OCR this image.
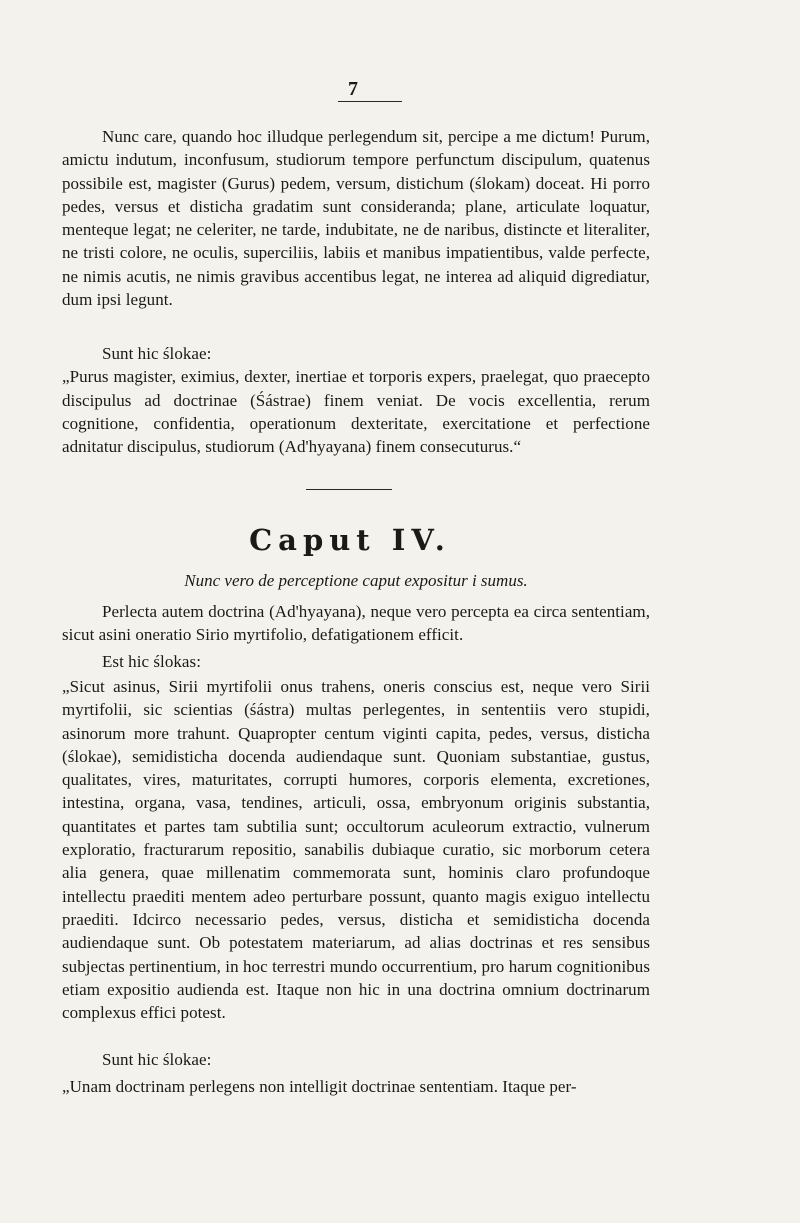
7

Nunc care, quando hoc illudque perlegendum sit, percipe a me dictum! Purum, amictu indutum, inconfusum, studiorum tempore perfunctum discipulum, quatenus possibile est, magister (Gurus) pedem, versum, distichum (ślokam) doceat. Hi porro pedes, versus et disticha gradatim sunt consideranda; plane, articulate loquatur, menteque legat; ne celeriter, ne tarde, indubitate, ne de naribus, distincte et literaliter, ne tristi colore, ne oculis, superciliis, labiis et manibus impatientibus, valde perfecte, ne nimis acutis, ne nimis gravibus accentibus legat, ne interea ad aliquid digrediatur, dum ipsi legunt.

Sunt hic ślokae:

„Purus magister, eximius, dexter, inertiae et torporis expers, praelegat, quo praecepto discipulus ad doctrinae (Śástrae) finem veniat. De vocis excellentia, rerum cognitione, confidentia, operationum dexteritate, exercitatione et perfectione adnitatur discipulus, studiorum (Ad'hyayana) finem consecuturus.“

Caput IV.
Nunc vero de perceptione caput expositur i sumus.

Perlecta autem doctrina (Ad'hyayana), neque vero percepta ea circa sententiam, sicut asini oneratio Sirio myrtifolio, defatigationem efficit.

Est hic ślokas:

„Sicut asinus, Sirii myrtifolii onus trahens, oneris conscius est, neque vero Sirii myrtifolii, sic scientias (śástra) multas perlegentes, in sententiis vero stupidi, asinorum more trahunt. Quapropter centum viginti capita, pedes, versus, disticha (ślokae), semidisticha docenda audiendaque sunt. Quoniam substantiae, gustus, qualitates, vires, maturitates, corrupti humores, corporis elementa, excretiones, intestina, organa, vasa, tendines, articuli, ossa, embryonum originis substantia, quantitates et partes tam subtilia sunt; occultorum aculeorum extractio, vulnerum exploratio, fracturarum repositio, sanabilis dubiaque curatio, sic morborum cetera alia genera, quae millenatim commemorata sunt, hominis claro profundoque intellectu praediti mentem adeo perturbare possunt, quanto magis exiguo intellectu praediti. Idcirco necessario pedes, versus, disticha et semidisticha docenda audiendaque sunt. Ob potestatem materiarum, ad alias doctrinas et res sensibus subjectas pertinentium, in hoc terrestri mundo occurrentium, pro harum cognitionibus etiam expositio audienda est. Itaque non hic in una doctrina omnium doctrinarum complexus effici potest.

Sunt hic ślokae:

„Unam doctrinam perlegens non intelligit doctrinae sententiam. Itaque per-
